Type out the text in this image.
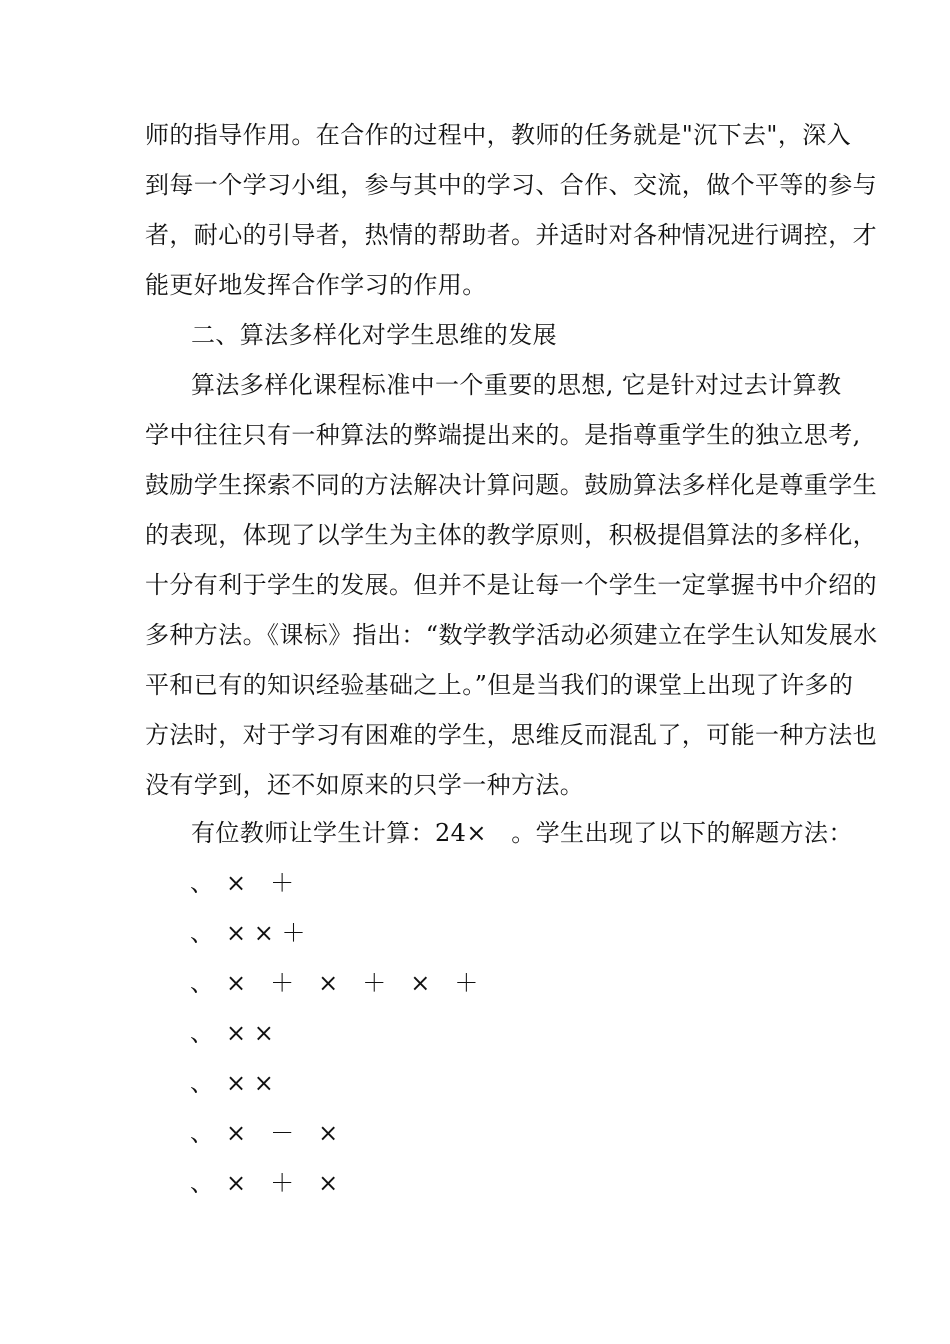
师的指导作用。在合作的过程中，教师的任务就是"沉下去"，深入
到每一个学习小组，参与其中的学习、合作、交流，做个平等的参与
者，耐心的引导者，热情的帮助者。并适时对各种情况进行调控，才
能更好地发挥合作学习的作用。
二、算法多样化对学生思维的发展
算法多样化课程标准中一个重要的思想, 它是针对过去计算教
学中往往只有一种算法的弊端提出来的。是指尊重学生的独立思考,
鼓励学生探索不同的方法解决计算问题。鼓励算法多样化是尊重学生
的表现，体现了以学生为主体的教学原则，积极提倡算法的多样化，
十分有利于学生的发展。但并不是让每一个学生一定掌握书中介绍的
多种方法。《课标》指出：“数学教学活动必须建立在学生认知发展水
平和已有的知识经验基础之上。”但是当我们的课堂上出现了许多的
方法时，对于学习有困难的学生，思维反而混乱了，可能一种方法也
没有学到，还不如原来的只学一种方法。
有位教师让学生计算：24×　。学生出现了以下的解题方法：
、　×　＋
、　× × ＋
、　×　＋　×　＋　×　＋
、　× ×
、　× ×
、　×　－　×
、　×　＋　×
